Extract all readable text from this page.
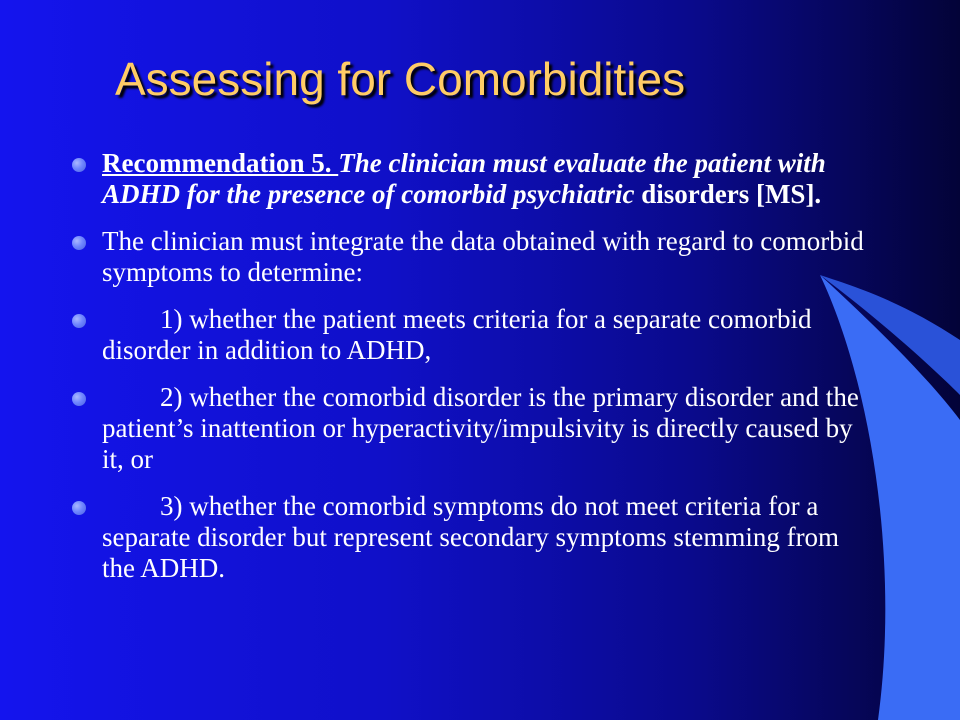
Assessing for Comorbidities
Recommendation 5. The clinician must evaluate the patient with ADHD for the presence of comorbid psychiatric disorders [MS].
The clinician must integrate the data obtained with regard to comorbid symptoms to determine:
1) whether the patient meets criteria for a separate comorbid disorder in addition to ADHD,
2) whether the comorbid disorder is the primary disorder and the patient’s inattention or hyperactivity/impulsivity is directly caused by it, or
3) whether the comorbid symptoms do not meet criteria for a separate disorder but represent secondary symptoms stemming from the ADHD.
